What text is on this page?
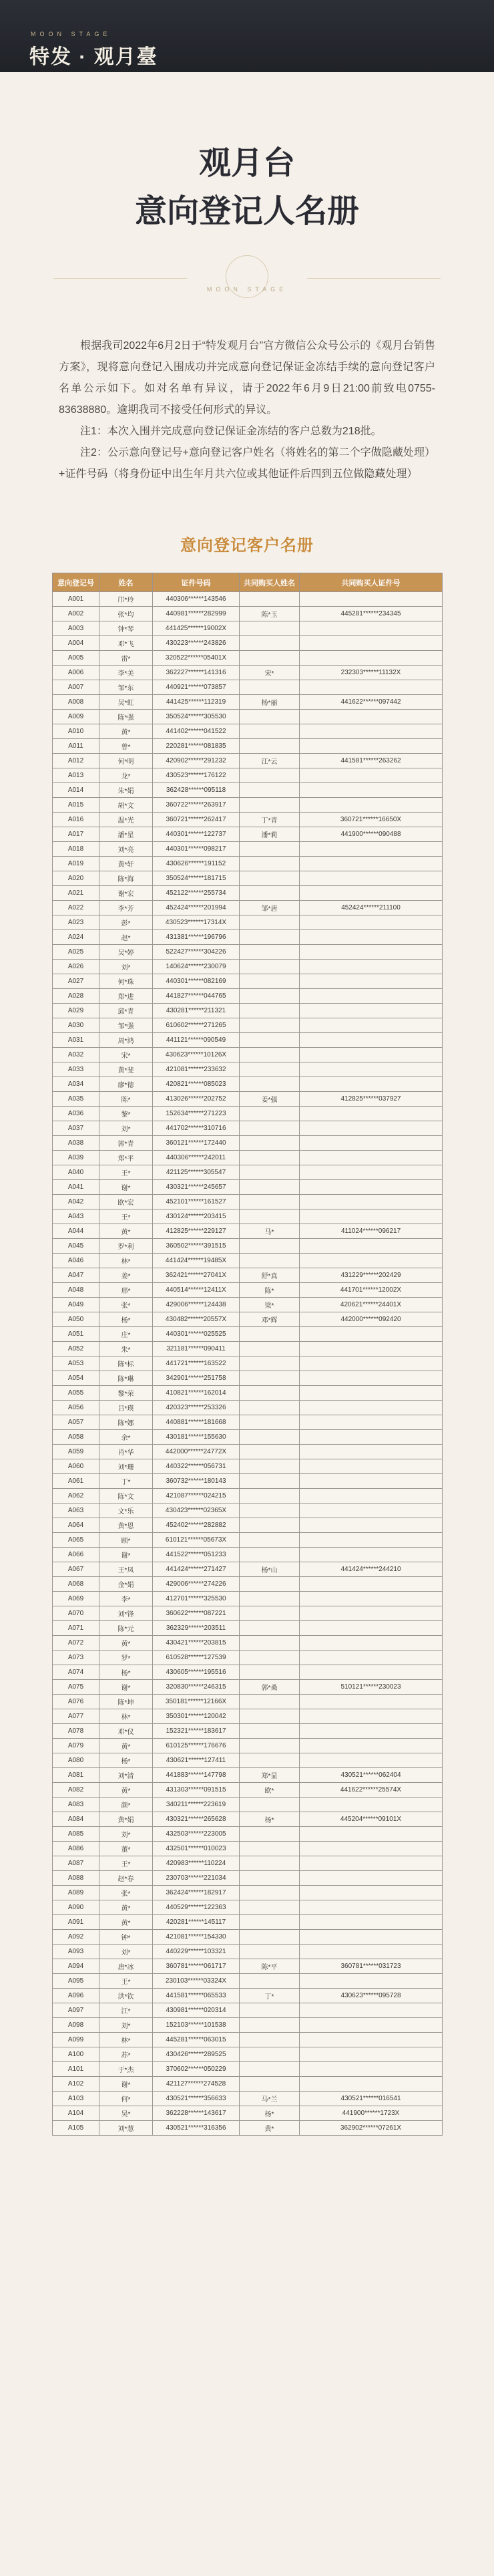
MOON STAGE
特发 · 观月臺
观月台
意向登记人名册
MOON STAGE

根据我司2022年6月2日于“特发观月台”官方微信公众号公示的《观月台销售方案》，现将意向登记入围成功并完成意向登记保证金冻结手续的意向登记客户名单公示如下。如对名单有异议，请于2022年6月9日21:00前致电0755-83638880。逾期我司不接受任何形式的异议。

注1：本次入围并完成意向登记保证金冻结的客户总数为218批。

注2：公示意向登记号+意向登记客户姓名（将姓名的第二个字做隐藏处理）+证件号码（将身份证中出生年月共六位或其他证件后四到五位做隐藏处理）

意向登记客户名册
意向登记号	姓名	证件号码	共同购买人姓名	共同购买人证件号
A001	邝*玲	440306******143546		
A002	张*均	440981******282999	陈*玉	445281******234345
A003	钟*琴	441425******19002X		
A004	邓*飞	430223******243826		
A005	雷*	320522******05401X		
A006	李*美	362227******141316	宋*	232303******11132X
A007	邹*东	440921******073857		
A008	吴*虹	441425******112319	杨*丽	441622******097442
A009	陈*强	350524******305530		
A010	黄*	441402******041522		
A011	曾*	220281******081835		
A012	何*明	420902******291232	江*云	441581******263262
A013	龙*	430523******176122		
A014	朱*娟	362428******095118		
A015	胡*文	360722******263917		
A016	温*光	360721******262417	丁*青	360721******16650X
A017	潘*星	440301******122737	潘*莉	441900******090488
A018	刘*亮	440301******098217		
A019	黄*轩	430626******191152		
A020	陈*海	350524******181715		
A021	谢*宏	452122******255734		
A022	李*芳	452424******201994	邹*唐	452424******211100
A023	彭*	430523******17314X		
A024	赵*	431381******196796		
A025	吴*婷	522427******304226		
A026	刘*	140624******230079		
A027	何*珠	440301******082169		
A028	郑*进	441827******044765		
A029	邱*青	430281******211321		
A030	邹*强	610602******271265		
A031	周*鸿	441121******090549		
A032	宋*	430623******10126X		
A033	黄*斐	421081******233632		
A034	廖*德	420821******085023		
A035	陈*	413026******202752	姜*强	412825******037927
A036	黎*	152634******271223		
A037	刘*	441702******310716		
A038	郭*青	360121******172440		
A039	郑*平	440306******242011		
A040	王*	421125******305547		
A041	谢*	430321******245657		
A042	欧*宏	452101******161527		
A043	王*	430124******203415		
A044	黄*	412825******229127	马*	411024******096217
A045	罗*利	360502******391515		
A046	林*	441424******19485X		
A047	姜*	362421******27041X	舒*真	431229******202429
A048	邢*	440514******12411X	陈*	441701******12002X
A049	张*	429006******124438	梁*	420621******24401X
A050	杨*	430482******20557X	邓*辉	442000******092420
A051	庄*	440301******025525		
A052	朱*	321181******090411		
A053	陈*标	441721******163522		
A054	陈*琳	342901******251758		
A055	黎*荣	410821******162014		
A056	吕*瑛	420323******253326		
A057	陈*娜	440881******181668		
A058	余*	430181******155630		
A059	肖*华	442000******24772X		
A060	刘*珊	440322******056731		
A061	丁*	360732******180143		
A062	陈*文	421087******024215		
A063	文*乐	430423******02365X		
A064	黄*恩	452402******282882		
A065	顾*	610121******05673X		
A066	谢*	441522******051233		
A067	王*凤	441424******271427	杨*山	441424******244210
A068	金*娟	429006******274226		
A069	李*	412701******325530		
A070	刘*锋	360622******087221		
A071	陈*元	362329******203511		
A072	黄*	430421******203815		
A073	罗*	610528******127539		
A074	杨*	430605******195516		
A075	谢*	320830******246315	郭*桑	510121******230023
A076	陈*坤	350181******12166X		
A077	林*	350301******120042		
A078	邓*仪	152321******183617		
A079	黄*	610125******176676		
A080	杨*	430621******127411		
A081	刘*清	441883******147798	郑*显	430521******062404
A082	黄*	431303******091515	欧*	441622******25574X
A083	颜*	340211******223619		
A084	黄*娟	430321******265628	杨*	445204******09101X
A085	刘*	432503******223005		
A086	董*	432501******010023		
A087	王*	420983******110224		
A088	赵*春	230703******221034		
A089	张*	362424******182917		
A090	黄*	440529******122363		
A091	黄*	420281******145117		
A092	钟*	421081******154330		
A093	刘*	440229******103321		
A094	唐*冰	360781******061717	陈*平	360781******031723
A095	王*	230103******03324X		
A096	洪*钦	441581******065533	丁*	430623******095728
A097	江*	430981******020314		
A098	刘*	152103******101538		
A099	林*	445281******063015		
A100	苏*	430426******289525		
A101	于*杰	370602******050229		
A102	谢*	421127******274528		
A103	何*	430521******356633	马*兰	430521******016541
A104	吴*	362228******143617	杨*	441900******1723X
A105	刘*慧	430521******316356	黄*	362902******07261X
